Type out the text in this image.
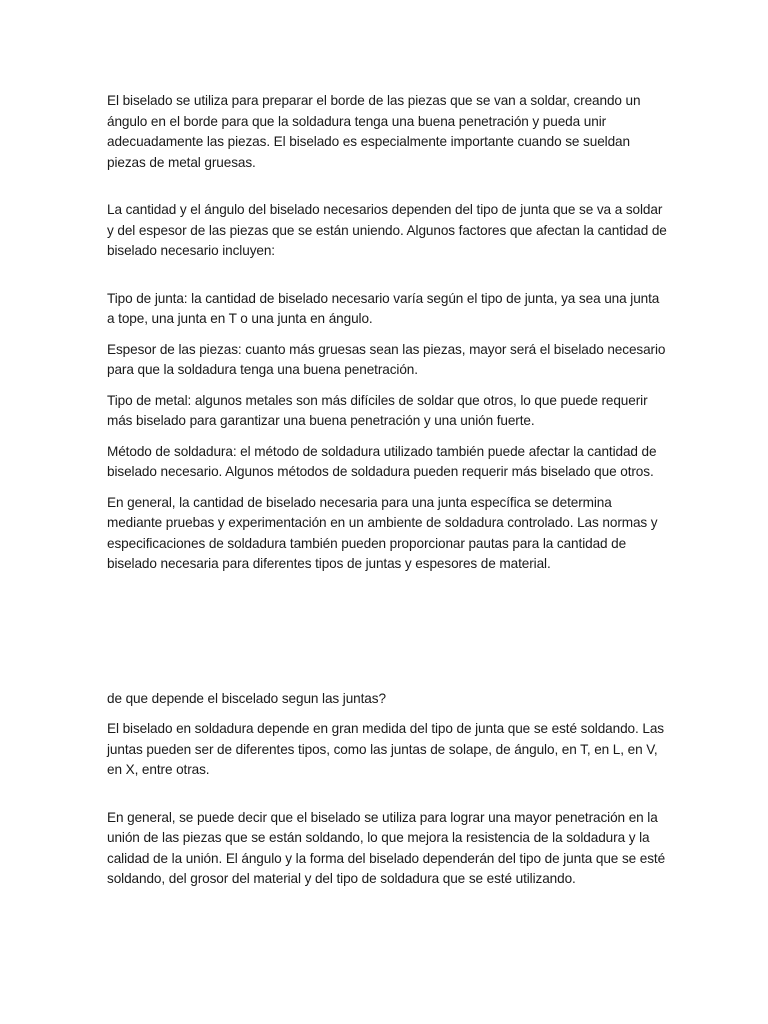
El biselado se utiliza para preparar el borde de las piezas que se van a soldar, creando un ángulo en el borde para que la soldadura tenga una buena penetración y pueda unir adecuadamente las piezas. El biselado es especialmente importante cuando se sueldan piezas de metal gruesas.

La cantidad y el ángulo del biselado necesarios dependen del tipo de junta que se va a soldar y del espesor de las piezas que se están uniendo. Algunos factores que afectan la cantidad de biselado necesario incluyen:

Tipo de junta: la cantidad de biselado necesario varía según el tipo de junta, ya sea una junta a tope, una junta en T o una junta en ángulo.

Espesor de las piezas: cuanto más gruesas sean las piezas, mayor será el biselado necesario para que la soldadura tenga una buena penetración.

Tipo de metal: algunos metales son más difíciles de soldar que otros, lo que puede requerir más biselado para garantizar una buena penetración y una unión fuerte.

Método de soldadura: el método de soldadura utilizado también puede afectar la cantidad de biselado necesario. Algunos métodos de soldadura pueden requerir más biselado que otros.

En general, la cantidad de biselado necesaria para una junta específica se determina mediante pruebas y experimentación en un ambiente de soldadura controlado. Las normas y especificaciones de soldadura también pueden proporcionar pautas para la cantidad de biselado necesaria para diferentes tipos de juntas y espesores de material.

de que depende el biscelado segun las juntas?

El biselado en soldadura depende en gran medida del tipo de junta que se esté soldando. Las juntas pueden ser de diferentes tipos, como las juntas de solape, de ángulo, en T, en L, en V, en X, entre otras.

En general, se puede decir que el biselado se utiliza para lograr una mayor penetración en la unión de las piezas que se están soldando, lo que mejora la resistencia de la soldadura y la calidad de la unión. El ángulo y la forma del biselado dependerán del tipo de junta que se esté soldando, del grosor del material y del tipo de soldadura que se esté utilizando.
